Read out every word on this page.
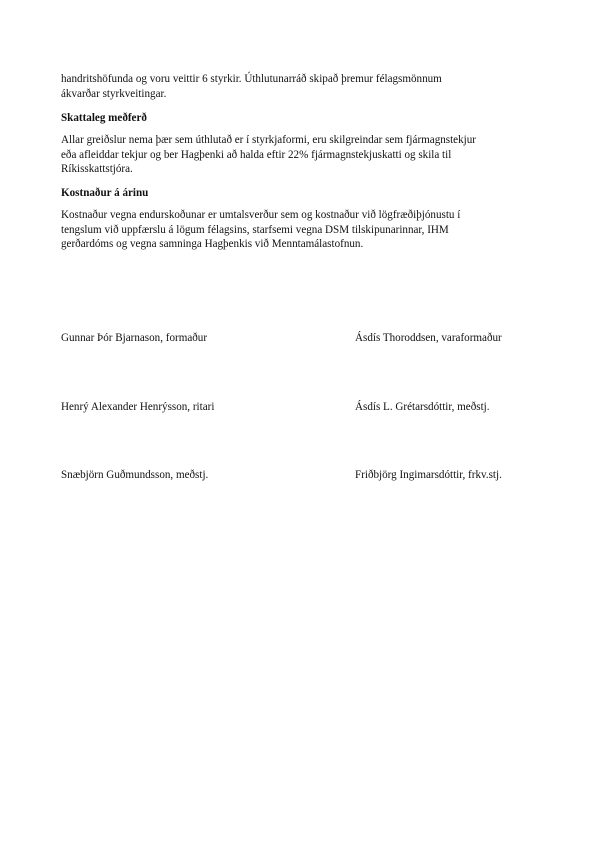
handritshöfunda og voru veittir 6 styrkir. Úthlutunarráð skipað þremur félagsmönnum
ákvarðar styrkveitingar.
Skattaleg meðferð
Allar greiðslur nema þær sem úthlutað er í styrkjaformi, eru skilgreindar sem fjármagnstekjur
eða afleiddar tekjur og ber Hagþenki að halda eftir 22% fjármagnstekjuskatti og skila til
Ríkisskattstjóra.
Kostnaður á árinu
Kostnaður vegna endurskoðunar er umtalsverður sem og kostnaður við lögfræðiþjónustu í
tengslum við uppfærslu á lögum félagsins, starfsemi vegna DSM tilskipunarinnar, IHM
gerðardóms og vegna samninga Hagþenkis við Menntamálastofnun.
Gunnar Þór Bjarnason, formaður	Ásdís Thoroddsen, varaformaður
Henrý Alexander Henrýsson, ritari	Ásdís L. Grétarsdóttir, meðstj.
Snæbjörn Guðmundsson, meðstj.	Friðbjörg Ingimarsdóttir, frkv.stj.
